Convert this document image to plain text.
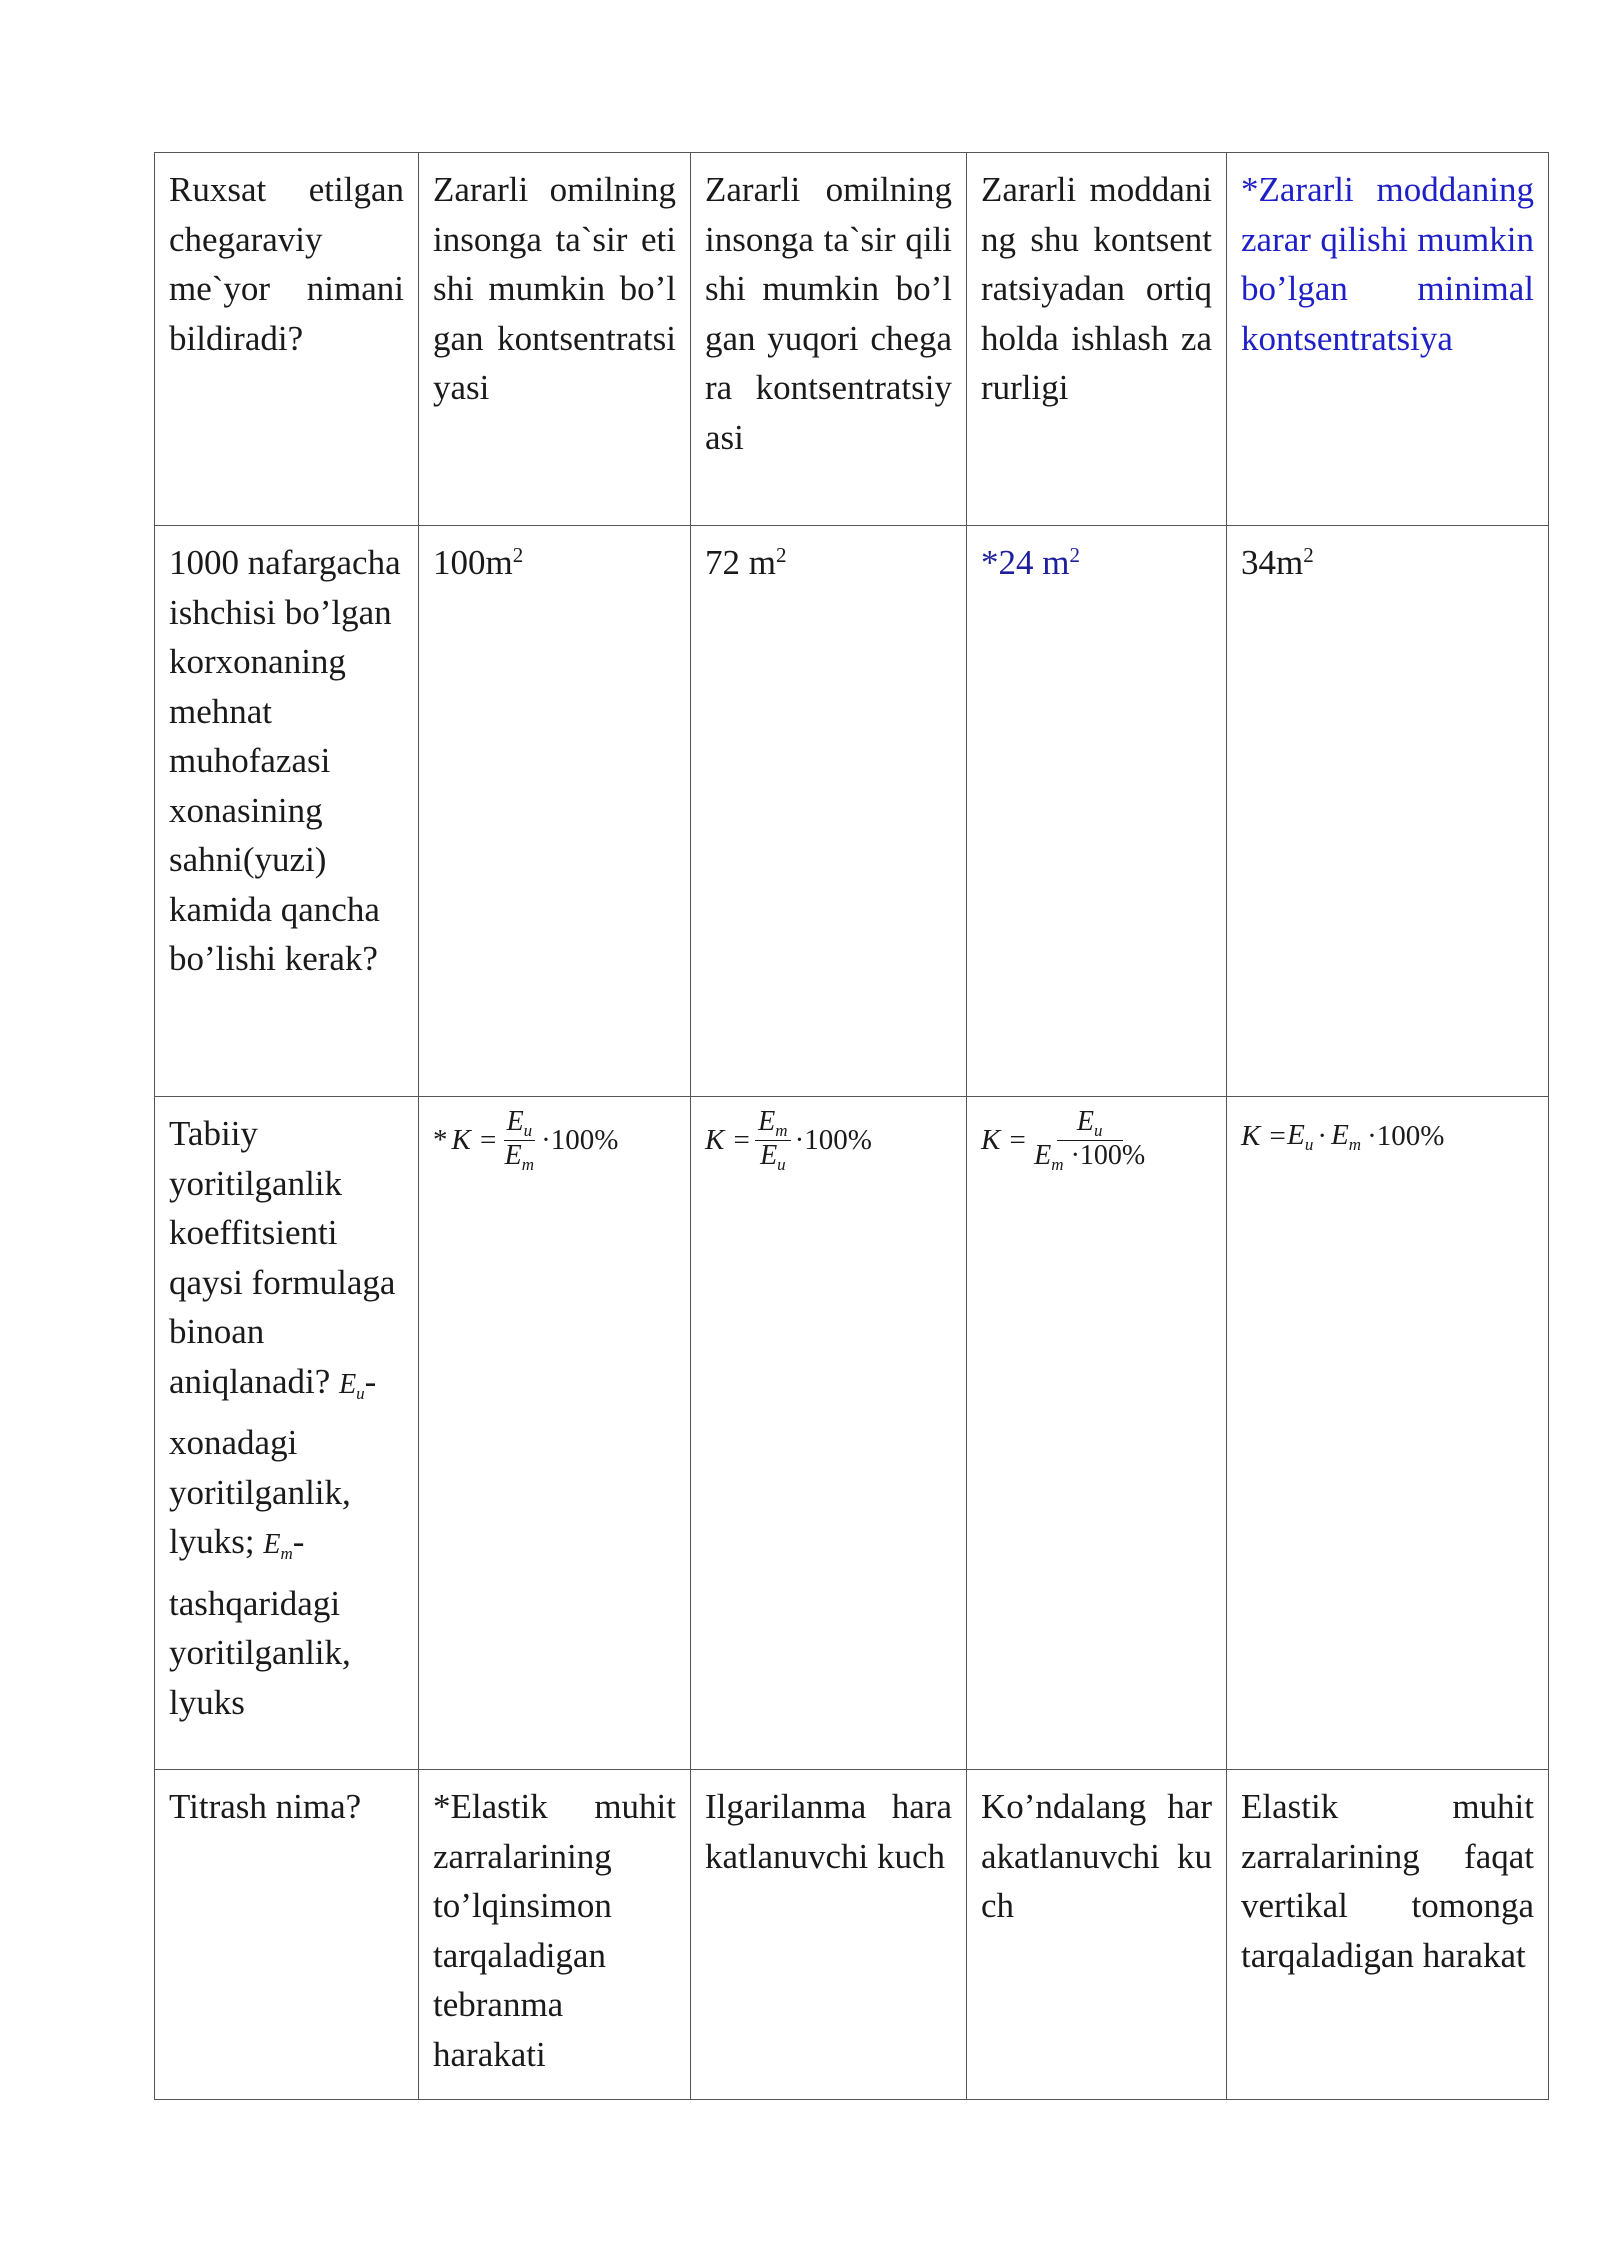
Ruxsat etilgan chegaraviy me`yor nimani bildiradi?	Zararli omilning insonga ta`sir etishi mumkin bo’lgan kontsentratsiyasi	Zararli omilning insonga ta`sir qilishi mumkin bo’lgan yuqori chegara kontsentratsiyasi	Zararli moddaning shu kontsentratsiyadan ortiq holda ishlash zarurligi	*Zararli moddaning zarar qilishi mumkin bo’lgan minimal kontsentratsiya
1000 nafargacha ishchisi bo’lgan korxonaning mehnat muhofazasi xonasining sahni(yuzi) kamida qancha bo’lishi kerak?	$100m^2$	72 $m^2$	*24 $m^2$	$34m^2$
Tabiiy yoritilganlik koeffitsienti qaysi formulaga binoan aniqlanadi? $E_u-$ xonadagi yoritilganlik, lyuks; $E_m-$ tashqaridagi yoritilganlik, lyuks	* $K = \frac{E_u}{E_m} \cdot 100\%$	$K = \frac{E_m}{E_u} \cdot 100\%$	$K = \frac{E_u}{E_m \cdot 100\%}$	$K = E_u \cdot E_m \cdot 100\%$

Titrash nima?	*Elastik muhit zarralarining to’lqinsimon tarqaladigan tebranma harakati	Ilgarilanma harakatlanuvchi kuch	Ko’ndalang harakatlanuvchi kuch	Elastik muhit zarralarining faqat vertikal tomonga tarqaladigan harakat
